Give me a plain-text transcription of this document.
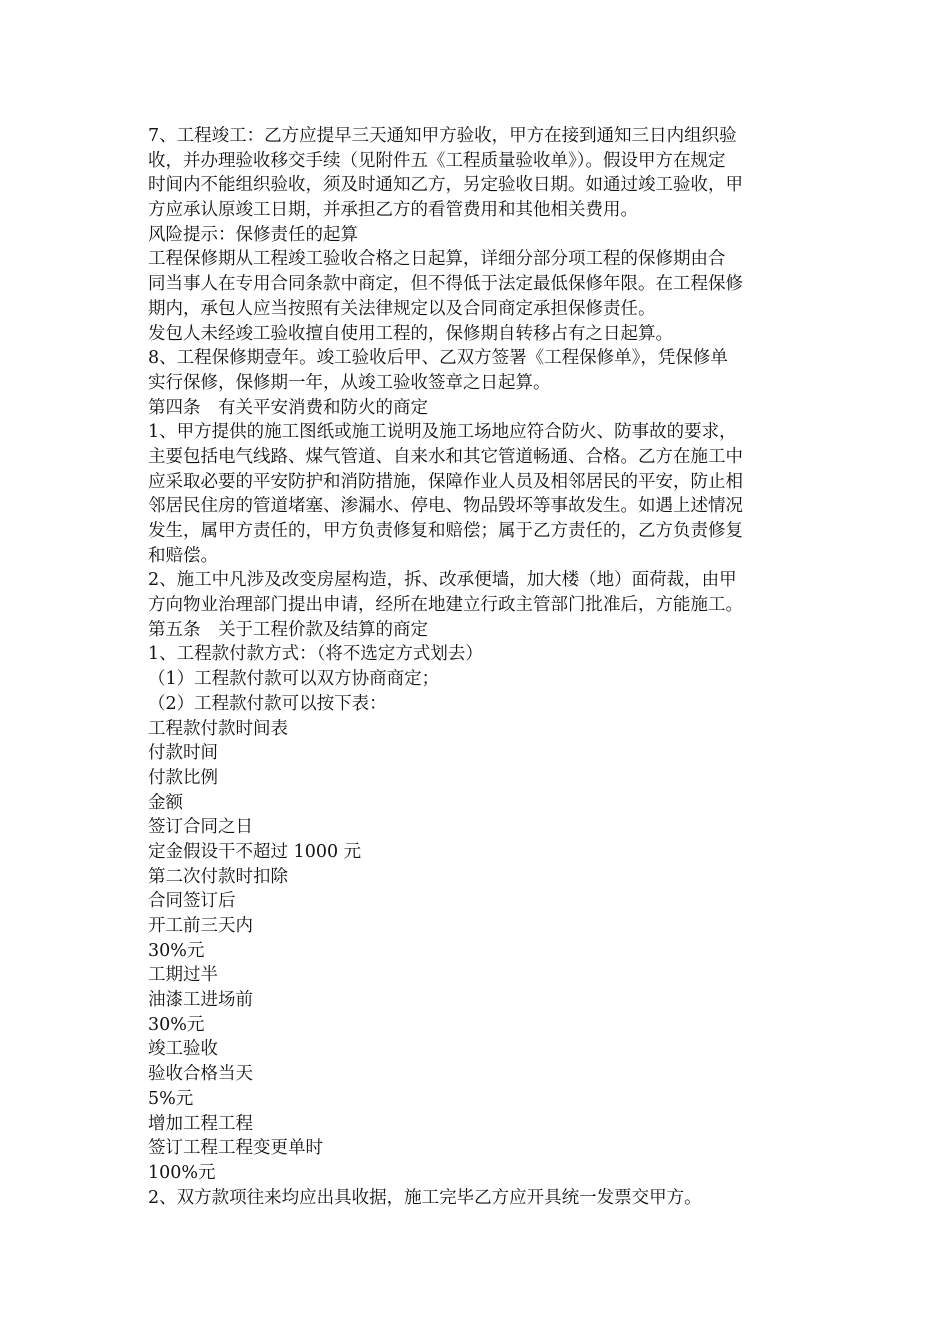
7、工程竣工：乙方应提早三天通知甲方验收，甲方在接到通知三日内组织验
收，并办理验收移交手续（见附件五《工程质量验收单》）。假设甲方在规定
时间内不能组织验收，须及时通知乙方，另定验收日期。如通过竣工验收，甲
方应承认原竣工日期，并承担乙方的看管费用和其他相关费用。
风险提示：保修责任的起算
工程保修期从工程竣工验收合格之日起算，详细分部分项工程的保修期由合
同当事人在专用合同条款中商定，但不得低于法定最低保修年限。在工程保修
期内，承包人应当按照有关法律规定以及合同商定承担保修责任。
发包人未经竣工验收擅自使用工程的，保修期自转移占有之日起算。
8、工程保修期壹年。竣工验收后甲、乙双方签署《工程保修单》，凭保修单
实行保修，保修期一年，从竣工验收签章之日起算。
第四条　有关平安消费和防火的商定
1、甲方提供的施工图纸或施工说明及施工场地应符合防火、防事故的要求，
主要包括电气线路、煤气管道、自来水和其它管道畅通、合格。乙方在施工中
应采取必要的平安防护和消防措施，保障作业人员及相邻居民的平安，防止相
邻居民住房的管道堵塞、渗漏水、停电、物品毁坏等事故发生。如遇上述情况
发生，属甲方责任的，甲方负责修复和赔偿；属于乙方责任的，乙方负责修复
和赔偿。
2、施工中凡涉及改变房屋构造，拆、改承便墙，加大楼（地）面荷裁，由甲
方向物业治理部门提出申请，经所在地建立行政主管部门批准后，方能施工。
第五条　关于工程价款及结算的商定
1、工程款付款方式：（将不选定方式划去）
（1）工程款付款可以双方协商商定；
（2）工程款付款可以按下表：
工程款付款时间表
付款时间
付款比例
金额
签订合同之日
定金假设干不超过 1000 元
第二次付款时扣除
合同签订后
开工前三天内
30%元
工期过半
油漆工进场前
30%元
竣工验收
验收合格当天
5%元
增加工程工程
签订工程工程变更单时
100%元
2、双方款项往来均应出具收据，施工完毕乙方应开具统一发票交甲方。
